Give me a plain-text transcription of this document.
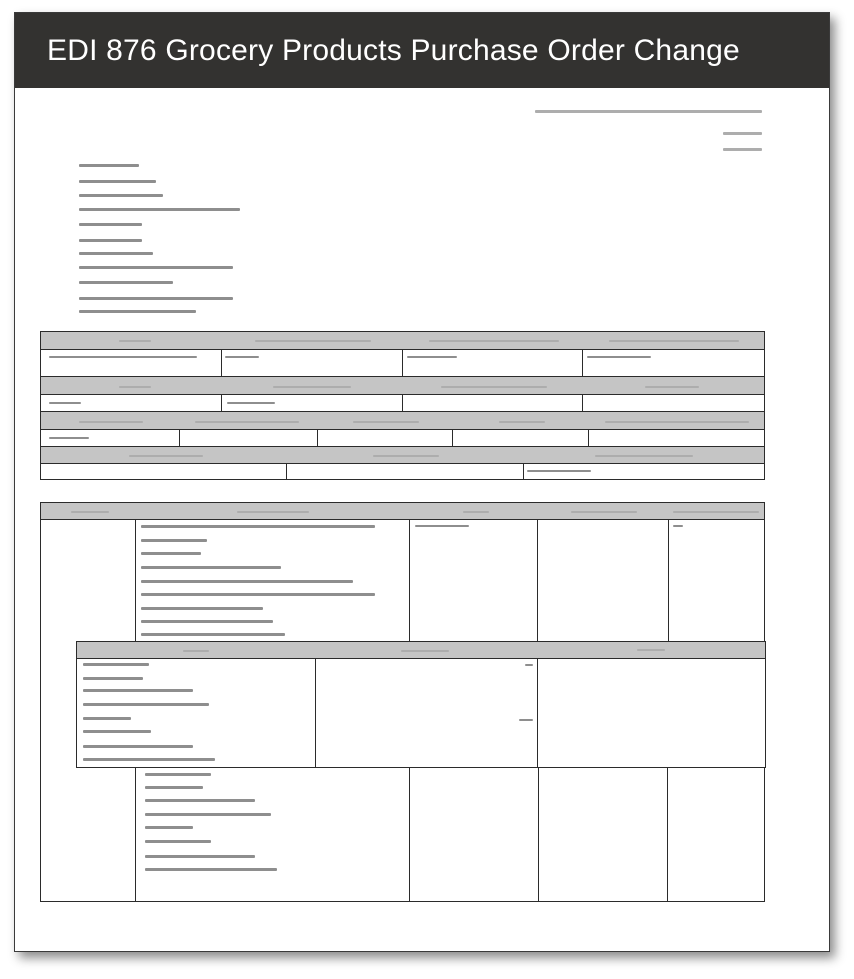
EDI 876 Grocery Products Purchase Order Change
